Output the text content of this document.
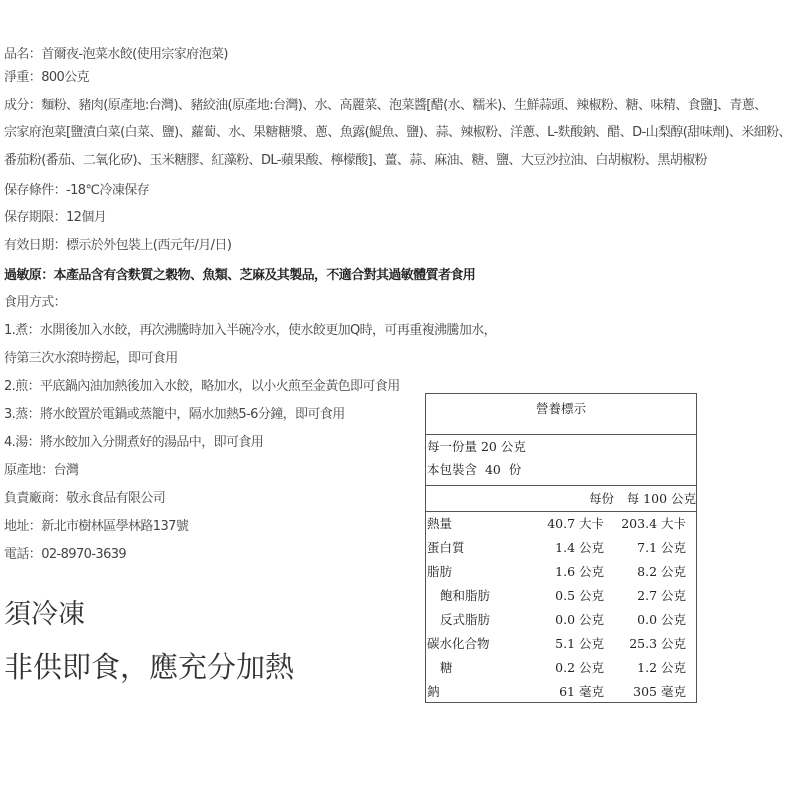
品名：首爾夜-泡菜水餃(使用宗家府泡菜)
淨重：800公克
成分：麵粉、豬肉(原產地:台灣)、豬絞油(原產地:台灣)、水、高麗菜、泡菜醬[醋(水、糯米)、生鮮蒜頭、辣椒粉、糖、味精、食鹽]、青蔥、
宗家府泡菜[鹽漬白菜(白菜、鹽)、蘿蔔、水、果糖糖漿、蔥、魚露(鯷魚、鹽)、蒜、辣椒粉、洋蔥、L-麩酸鈉、醋、D-山梨醇(甜味劑)、米細粉、
番茄粉(番茄、二氧化矽)、玉米糖膠、紅藻粉、DL-蘋果酸、檸檬酸]、薑、蒜、麻油、糖、鹽、大豆沙拉油、白胡椒粉、黑胡椒粉
保存條件：-18℃冷凍保存
保存期限：12個月
有效日期：標示於外包裝上(西元年/月/日)
過敏原：本產品含有含麩質之穀物、魚類、芝麻及其製品，不適合對其過敏體質者食用
食用方式：
1.煮：水開後加入水餃，再次沸騰時加入半碗冷水，使水餃更加Q時，可再重複沸騰加水，
待第三次水滾時撈起，即可食用
2.煎：平底鍋內油加熱後加入水餃，略加水，以小火煎至金黃色即可食用
3.蒸：將水餃置於電鍋或蒸籠中，隔水加熱5-6分鐘，即可食用
4.湯：將水餃加入分開煮好的湯品中，即可食用
原產地：台灣
負責廠商：敬永食品有限公司
地址：新北市樹林區學林路137號
電話：02-8970-3639
須冷凍
非供即食，應充分加熱
營養標示
每一份量 20 公克
本包裝含  40  份
每份 每 100 公克
熱量	40.7 大卡 203.4 大卡
蛋白質	1.4 公克	7.1 公克
脂肪	1.6 公克	8.2 公克
飽和脂肪	0.5 公克	2.7 公克
反式脂肪	0.0 公克	0.0 公克
碳水化合物	5.1 公克 25.3 公克
糖	0.2 公克	1.2 公克
鈉	61 毫克 305 毫克
